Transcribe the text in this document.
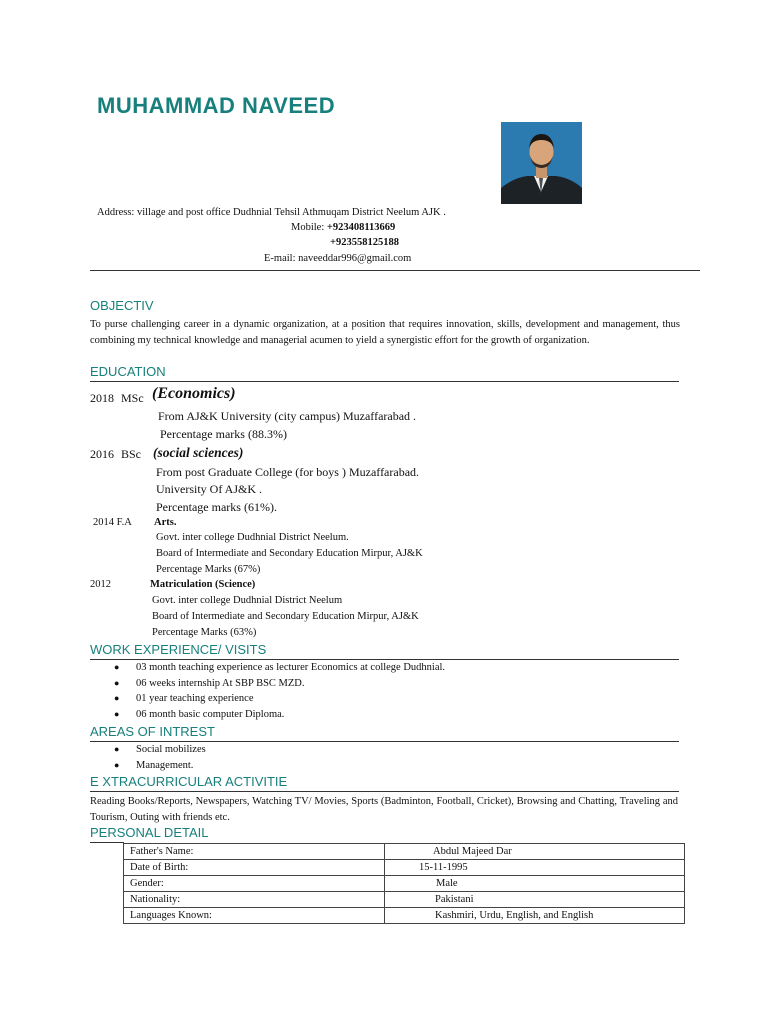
MUHAMMAD NAVEED
Address: village and post office Dudhnial Tehsil Athmuqam District Neelum AJK .
Mobile: +923408113669
+923558125188
E-mail: naveeddar996@gmail.com
OBJECTIV
To purse challenging career in a dynamic organization, at a position that requires innovation, skills, development and management, thus combining my technical knowledge and managerial acumen to yield a synergistic effort for the growth of organization.
EDUCATION
2018 MSc (Economics)
From AJ&K University (city campus) Muzaffarabad .
Percentage marks (88.3%)
2016 BSc (social sciences)
From post Graduate College (for boys ) Muzaffarabad.
University Of AJ&K .
Percentage marks (61%).
2014 F.A Arts.
Govt. inter college Dudhnial District Neelum.
Board of Intermediate and Secondary Education Mirpur, AJ&K
Percentage Marks (67%)
2012	Matriculation (Science)
Govt. inter college Dudhnial District Neelum
Board of Intermediate and Secondary Education Mirpur, AJ&K
Percentage Marks (63%)
WORK EXPERIENCE/ VISITS
● 03 month teaching experience as lecturer Economics at college Dudhnial.
● 06 weeks internship At SBP BSC MZD.
● 01 year teaching experience
● 06 month basic computer Diploma.
AREAS OF INTREST
● Social mobilizes
● Management.
E XTRACURRICULAR ACTIVITIE
Reading Books/Reports, Newspapers, Watching TV/ Movies, Sports (Badminton, Football, Cricket), Browsing and Chatting, Traveling and Tourism, Outing with friends etc.
PERSONAL DETAIL
Father's Name:	Abdul Majeed Dar
Date of Birth:	15-11-1995
Gender:	Male
Nationality:	Pakistani
Languages Known:	Kashmiri, Urdu, English, and English
